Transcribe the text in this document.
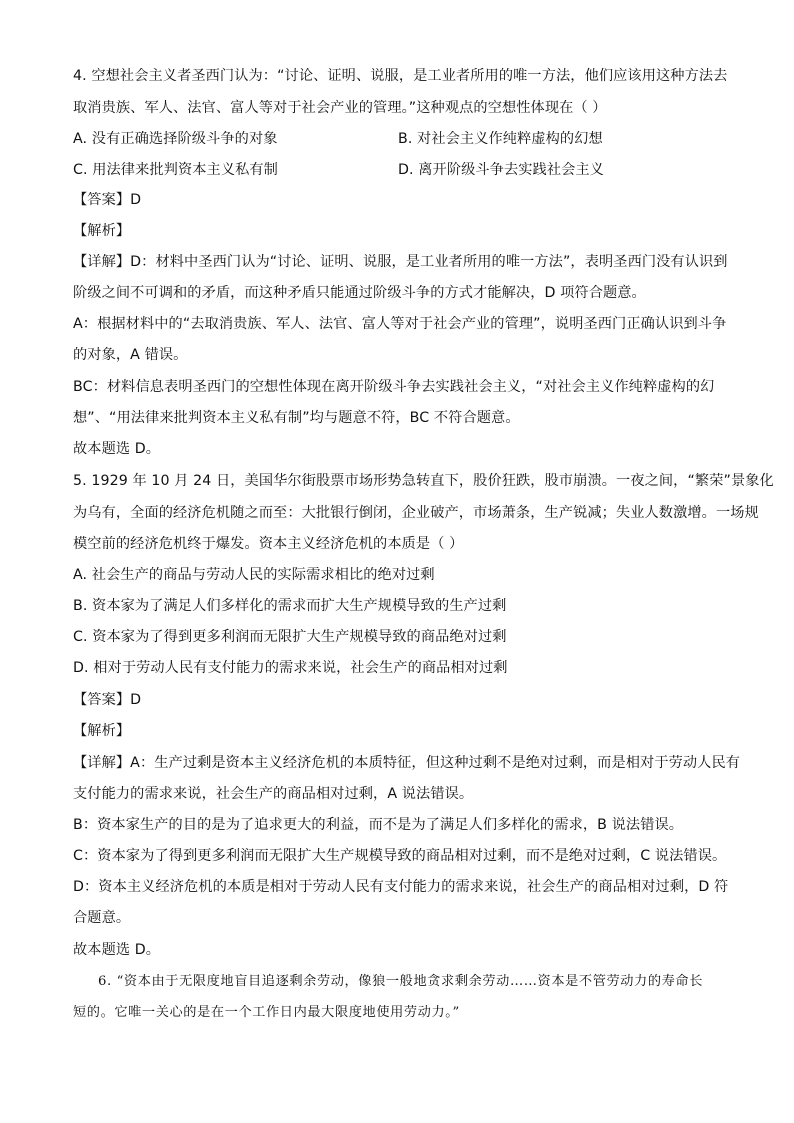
4. 空想社会主义者圣西门认为：“讨论、证明、说服，是工业者所用的唯一方法，他们应该用这种方法去
取消贵族、军人、法官、富人等对于社会产业的管理。”这种观点的空想性体现在（ ）
A. 没有正确选择阶级斗争的对象	B. 对社会主义作纯粹虚构的幻想
C. 用法律来批判资本主义私有制	D. 离开阶级斗争去实践社会主义
【答案】D
【解析】
【详解】D：材料中圣西门认为“讨论、证明、说服，是工业者所用的唯一方法”，表明圣西门没有认识到
阶级之间不可调和的矛盾，而这种矛盾只能通过阶级斗争的方式才能解决，D 项符合题意。
A：根据材料中的“去取消贵族、军人、法官、富人等对于社会产业的管理”，说明圣西门正确认识到斗争
的对象，A 错误。
BC：材料信息表明圣西门的空想性体现在离开阶级斗争去实践社会主义，“对社会主义作纯粹虚构的幻
想”、“用法律来批判资本主义私有制”均与题意不符，BC 不符合题意。
故本题选 D。
5. 1929 年 10 月 24 日，美国华尔街股票市场形势急转直下，股价狂跌，股市崩溃。一夜之间，“繁荣”景象化
为乌有，全面的经济危机随之而至：大批银行倒闭，企业破产，市场萧条，生产锐减；失业人数激增。一场规
模空前的经济危机终于爆发。资本主义经济危机的本质是（ ）
A. 社会生产的商品与劳动人民的实际需求相比的绝对过剩
B. 资本家为了满足人们多样化的需求而扩大生产规模导致的生产过剩
C. 资本家为了得到更多利润而无限扩大生产规模导致的商品绝对过剩
D. 相对于劳动人民有支付能力的需求来说，社会生产的商品相对过剩
【答案】D
【解析】
【详解】A：生产过剩是资本主义经济危机的本质特征，但这种过剩不是绝对过剩，而是相对于劳动人民有
支付能力的需求来说，社会生产的商品相对过剩，A 说法错误。
B：资本家生产的目的是为了追求更大的利益，而不是为了满足人们多样化的需求，B 说法错误。
C：资本家为了得到更多利润而无限扩大生产规模导致的商品相对过剩，而不是绝对过剩，C 说法错误。
D：资本主义经济危机的本质是相对于劳动人民有支付能力的需求来说，社会生产的商品相对过剩，D 符
合题意。
故本题选 D。
6. “资本由于无限度地盲目追逐剩余劳动，像狼一般地贪求剩余劳动……资本是不管劳动力的寿命长
短的。它唯一关心的是在一个工作日内最大限度地使用劳动力。”
